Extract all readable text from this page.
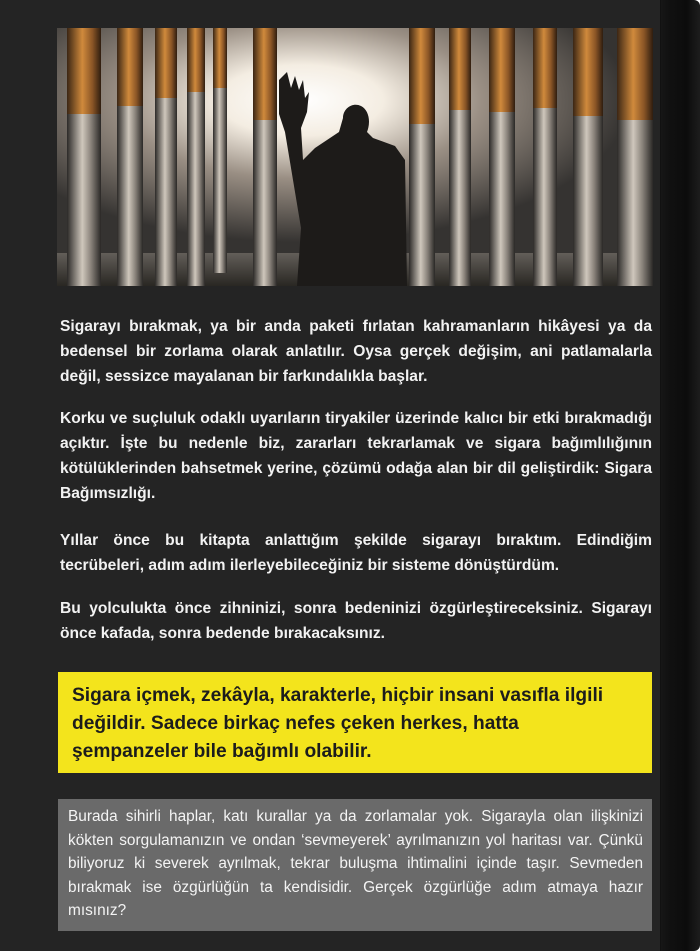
Sigarayı bırakmak, ya bir anda paketi fırlatan kahramanların hikâyesi ya da bedensel bir zorlama olarak anlatılır. Oysa gerçek değişim, ani patlamalarla değil, sessizce mayalanan bir farkındalıkla başlar.

Korku ve suçluluk odaklı uyarıların tiryakiler üzerinde kalıcı bir etki bırakmadığı açıktır. İşte bu nedenle biz, zararları tekrarlamak ve sigara bağımlılığının kötülüklerinden bahsetmek yerine, çözümü odağa alan bir dil geliştirdik: Sigara Bağımsızlığı.

Yıllar önce bu kitapta anlattığım şekilde sigarayı bıraktım. Edindiğim tecrübeleri, adım adım ilerleyebileceğiniz bir sisteme dönüştürdüm.

Bu yolculukta önce zihninizi, sonra bedeninizi özgürleştireceksiniz. Sigarayı önce kafada, sonra bedende bırakacaksınız.

Sigara içmek, zekâyla, karakterle, hiçbir insani vasıfla ilgili değildir. Sadece birkaç nefes çeken herkes, hatta şempanzeler bile bağımlı olabilir.

Burada sihirli haplar, katı kurallar ya da zorlamalar yok. Sigarayla olan ilişkinizi kökten sorgulamanızın ve ondan ‘sevmeyerek’ ayrılmanızın yol haritası var. Çünkü biliyoruz ki severek ayrılmak, tekrar buluşma ihtimalini içinde taşır. Sevmeden bırakmak ise özgürlüğün ta kendisidir. Gerçek özgürlüğe adım atmaya hazır mısınız?
